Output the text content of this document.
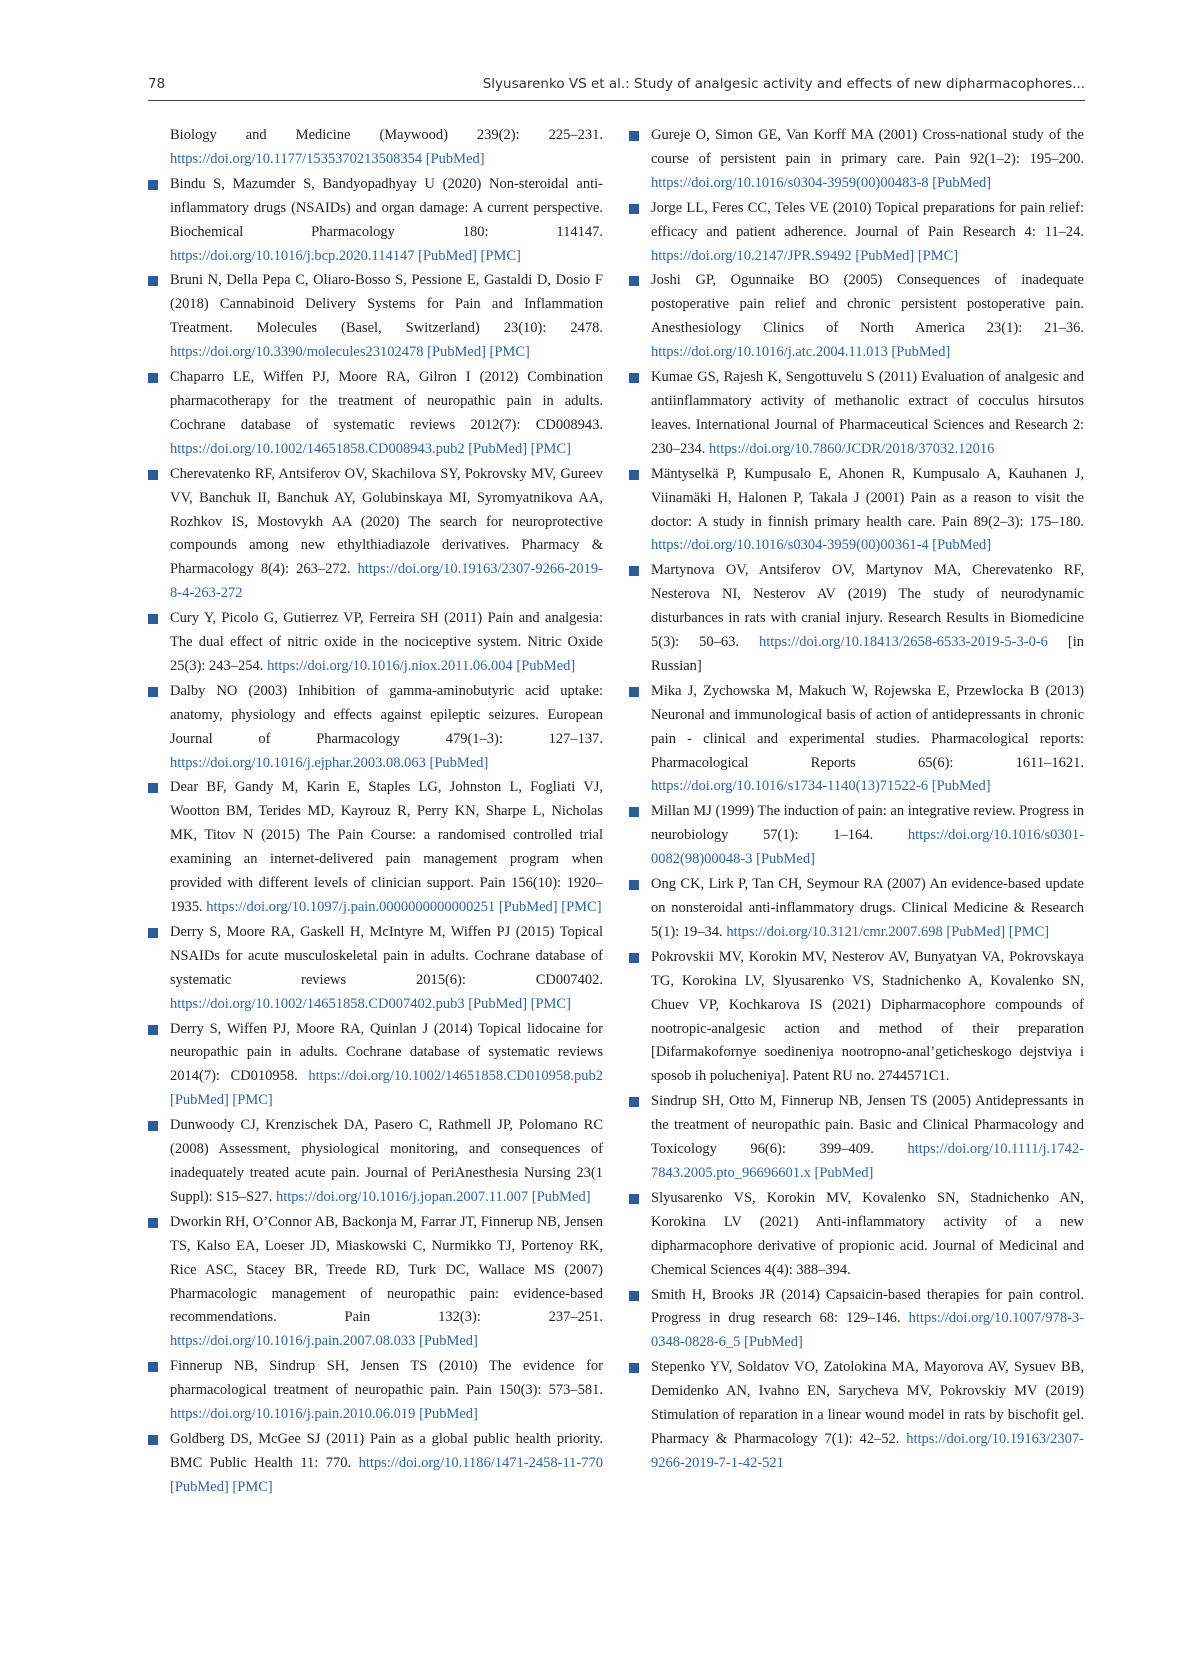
78	Slyusarenko VS et al.: Study of analgesic activity and effects of new dipharmacophores...
Biology and Medicine (Maywood) 239(2): 225–231. https://doi.org/10.1177/1535370213508354 [PubMed]
Bindu S, Mazumder S, Bandyopadhyay U (2020) Non-steroidal anti-inflammatory drugs (NSAIDs) and organ damage: A current perspective. Biochemical Pharmacology 180: 114147. https://doi.org/10.1016/j.bcp.2020.114147 [PubMed] [PMC]
Bruni N, Della Pepa C, Oliaro-Bosso S, Pessione E, Gastaldi D, Dosio F (2018) Cannabinoid Delivery Systems for Pain and Inflammation Treatment. Molecules (Basel, Switzerland) 23(10): 2478. https://doi.org/10.3390/molecules23102478 [PubMed] [PMC]
Chaparro LE, Wiffen PJ, Moore RA, Gilron I (2012) Combination pharmacotherapy for the treatment of neuropathic pain in adults. Cochrane database of systematic reviews 2012(7): CD008943. https://doi.org/10.1002/14651858.CD008943.pub2 [PubMed] [PMC]
Cherevatenko RF, Antsiferov OV, Skachilova SY, Pokrovsky MV, Gureev VV, Banchuk II, Banchuk AY, Golubinskaya MI, Syromyatnikova AA, Rozhkov IS, Mostovykh AA (2020) The search for neuroprotective compounds among new ethylthiadiazole derivatives. Pharmacy & Pharmacology 8(4): 263–272. https://doi.org/10.19163/2307-9266-2019-8-4-263-272
Cury Y, Picolo G, Gutierrez VP, Ferreira SH (2011) Pain and analgesia: The dual effect of nitric oxide in the nociceptive system. Nitric Oxide 25(3): 243–254. https://doi.org/10.1016/j.niox.2011.06.004 [PubMed]
Dalby NO (2003) Inhibition of gamma-aminobutyric acid uptake: anatomy, physiology and effects against epileptic seizures. European Journal of Pharmacology 479(1–3): 127–137. https://doi.org/10.1016/j.ejphar.2003.08.063 [PubMed]
Dear BF, Gandy M, Karin E, Staples LG, Johnston L, Fogliati VJ, Wootton BM, Terides MD, Kayrouz R, Perry KN, Sharpe L, Nicholas MK, Titov N (2015) The Pain Course: a randomised controlled trial examining an internet-delivered pain management program when provided with different levels of clinician support. Pain 156(10): 1920–1935. https://doi.org/10.1097/j.pain.0000000000000251 [PubMed] [PMC]
Derry S, Moore RA, Gaskell H, McIntyre M, Wiffen PJ (2015) Topical NSAIDs for acute musculoskeletal pain in adults. Cochrane database of systematic reviews 2015(6): CD007402. https://doi.org/10.1002/14651858.CD007402.pub3 [PubMed] [PMC]
Derry S, Wiffen PJ, Moore RA, Quinlan J (2014) Topical lidocaine for neuropathic pain in adults. Cochrane database of systematic reviews 2014(7): CD010958. https://doi.org/10.1002/14651858.CD010958.pub2 [PubMed] [PMC]
Dunwoody CJ, Krenzischek DA, Pasero C, Rathmell JP, Polomano RC (2008) Assessment, physiological monitoring, and consequences of inadequately treated acute pain. Journal of PeriAnesthesia Nursing 23(1 Suppl): S15–S27. https://doi.org/10.1016/j.jopan.2007.11.007 [PubMed]
Dworkin RH, O’Connor AB, Backonja M, Farrar JT, Finnerup NB, Jensen TS, Kalso EA, Loeser JD, Miaskowski C, Nurmikko TJ, Portenoy RK, Rice ASC, Stacey BR, Treede RD, Turk DC, Wallace MS (2007) Pharmacologic management of neuropathic pain: evidence-based recommendations. Pain 132(3): 237–251. https://doi.org/10.1016/j.pain.2007.08.033 [PubMed]
Finnerup NB, Sindrup SH, Jensen TS (2010) The evidence for pharmacological treatment of neuropathic pain. Pain 150(3): 573–581. https://doi.org/10.1016/j.pain.2010.06.019 [PubMed]
Goldberg DS, McGee SJ (2011) Pain as a global public health priority. BMC Public Health 11: 770. https://doi.org/10.1186/1471-2458-11-770 [PubMed] [PMC]
Gureje O, Simon GE, Van Korff MA (2001) Cross-national study of the course of persistent pain in primary care. Pain 92(1–2): 195–200. https://doi.org/10.1016/s0304-3959(00)00483-8 [PubMed]
Jorge LL, Feres CC, Teles VE (2010) Topical preparations for pain relief: efficacy and patient adherence. Journal of Pain Research 4: 11–24. https://doi.org/10.2147/JPR.S9492 [PubMed] [PMC]
Joshi GP, Ogunnaike BO (2005) Consequences of inadequate postoperative pain relief and chronic persistent postoperative pain. Anesthesiology Clinics of North America 23(1): 21–36. https://doi.org/10.1016/j.atc.2004.11.013 [PubMed]
Kumae GS, Rajesh K, Sengottuvelu S (2011) Evaluation of analgesic and antiinflammatory activity of methanolic extract of cocculus hirsutos leaves. International Journal of Pharmaceutical Sciences and Research 2: 230–234. https://doi.org/10.7860/JCDR/2018/37032.12016
Mäntyselkä P, Kumpusalo E, Ahonen R, Kumpusalo A, Kauhanen J, Viinamäki H, Halonen P, Takala J (2001) Pain as a reason to visit the doctor: A study in finnish primary health care. Pain 89(2–3): 175–180. https://doi.org/10.1016/s0304-3959(00)00361-4 [PubMed]
Martynova OV, Antsiferov OV, Martynov MA, Cherevatenko RF, Nesterova NI, Nesterov AV (2019) The study of neurodynamic disturbances in rats with cranial injury. Research Results in Biomedicine 5(3): 50–63. https://doi.org/10.18413/2658-6533-2019-5-3-0-6 [in Russian]
Mika J, Zychowska M, Makuch W, Rojewska E, Przewlocka B (2013) Neuronal and immunological basis of action of antidepressants in chronic pain - clinical and experimental studies. Pharmacological reports: Pharmacological Reports 65(6): 1611–1621. https://doi.org/10.1016/s1734-1140(13)71522-6 [PubMed]
Millan MJ (1999) The induction of pain: an integrative review. Progress in neurobiology 57(1): 1–164. https://doi.org/10.1016/s0301-0082(98)00048-3 [PubMed]
Ong CK, Lirk P, Tan CH, Seymour RA (2007) An evidence-based update on nonsteroidal anti-inflammatory drugs. Clinical Medicine & Research 5(1): 19–34. https://doi.org/10.3121/cmr.2007.698 [PubMed] [PMC]
Pokrovskii MV, Korokin MV, Nesterov AV, Bunyatyan VA, Pokrovskaya TG, Korokina LV, Slyusarenko VS, Stadnichenko A, Kovalenko SN, Chuev VP, Kochkarova IS (2021) Dipharmacophore compounds of nootropic-analgesic action and method of their preparation [Difarmakofornye soedineniya nootropno-anal’geticheskogo dejstviya i sposob ih polucheniya]. Patent RU no. 2744571C1.
Sindrup SH, Otto M, Finnerup NB, Jensen TS (2005) Antidepressants in the treatment of neuropathic pain. Basic and Clinical Pharmacology and Toxicology 96(6): 399–409. https://doi.org/10.1111/j.1742-7843.2005.pto_96696601.x [PubMed]
Slyusarenko VS, Korokin MV, Kovalenko SN, Stadnichenko AN, Korokina LV (2021) Anti-inflammatory activity of a new dipharmacophore derivative of propionic acid. Journal of Medicinal and Chemical Sciences 4(4): 388–394.
Smith H, Brooks JR (2014) Capsaicin-based therapies for pain control. Progress in drug research 68: 129–146. https://doi.org/10.1007/978-3-0348-0828-6_5 [PubMed]
Stepenko YV, Soldatov VO, Zatolokina MA, Mayorova AV, Sysuev BB, Demidenko AN, Ivahno EN, Sarycheva MV, Pokrovskiy MV (2019) Stimulation of reparation in a linear wound model in rats by bischofit gel. Pharmacy & Pharmacology 7(1): 42–52. https://doi.org/10.19163/2307-9266-2019-7-1-42-521
